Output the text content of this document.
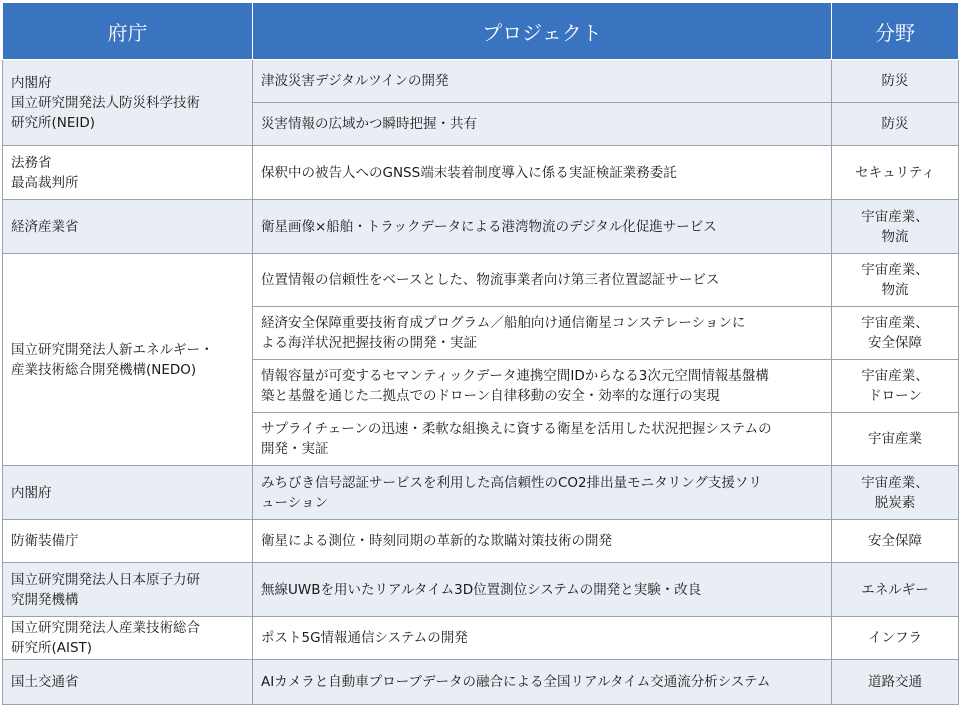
府庁	プロジェクト	分野

内閣府
国立研究開発法人防災科学技術
研究所(NEID)	津波災害デジタルツインの開発	防災

	災害情報の広域かつ瞬時把握・共有	防災

法務省
最高裁判所	保釈中の被告人へのGNSS端末装着制度導入に係る実証検証業務委託	セキュリティ

経済産業省	衛星画像×船舶・トラックデータによる港湾物流のデジタル化促進サービス	宇宙産業、
物流

国立研究開発法人新エネルギー・
産業技術総合開発機構(NEDO)	位置情報の信頼性をベースとした、物流事業者向け第三者位置認証サービス	宇宙産業、
物流

	経済安全保障重要技術育成プログラム／船舶向け通信衛星コンステレーションに
よる海洋状況把握技術の開発・実証	宇宙産業、
安全保障

	情報容量が可変するセマンティックデータ連携空間IDからなる3次元空間情報基盤構
築と基盤を通じた二拠点でのドローン自律移動の安全・効率的な運行の実現	宇宙産業、
ドローン

	サプライチェーンの迅速・柔軟な組換えに資する衛星を活用した状況把握システムの
開発・実証	宇宙産業

内閣府	みちびき信号認証サービスを利用した高信頼性のCO2排出量モニタリング支援ソリ
ューション	宇宙産業、
脱炭素

防衛装備庁	衛星による測位・時刻同期の革新的な欺瞞対策技術の開発	安全保障

国立研究開発法人日本原子力研
究開発機構	無線UWBを用いたリアルタイム3D位置測位システムの開発と実験・改良	エネルギー

国立研究開発法人産業技術総合
研究所(AIST)	ポスト5G情報通信システムの開発	インフラ

国土交通省	AIカメラと自動車プローブデータの融合による全国リアルタイム交通流分析システム	道路交通
